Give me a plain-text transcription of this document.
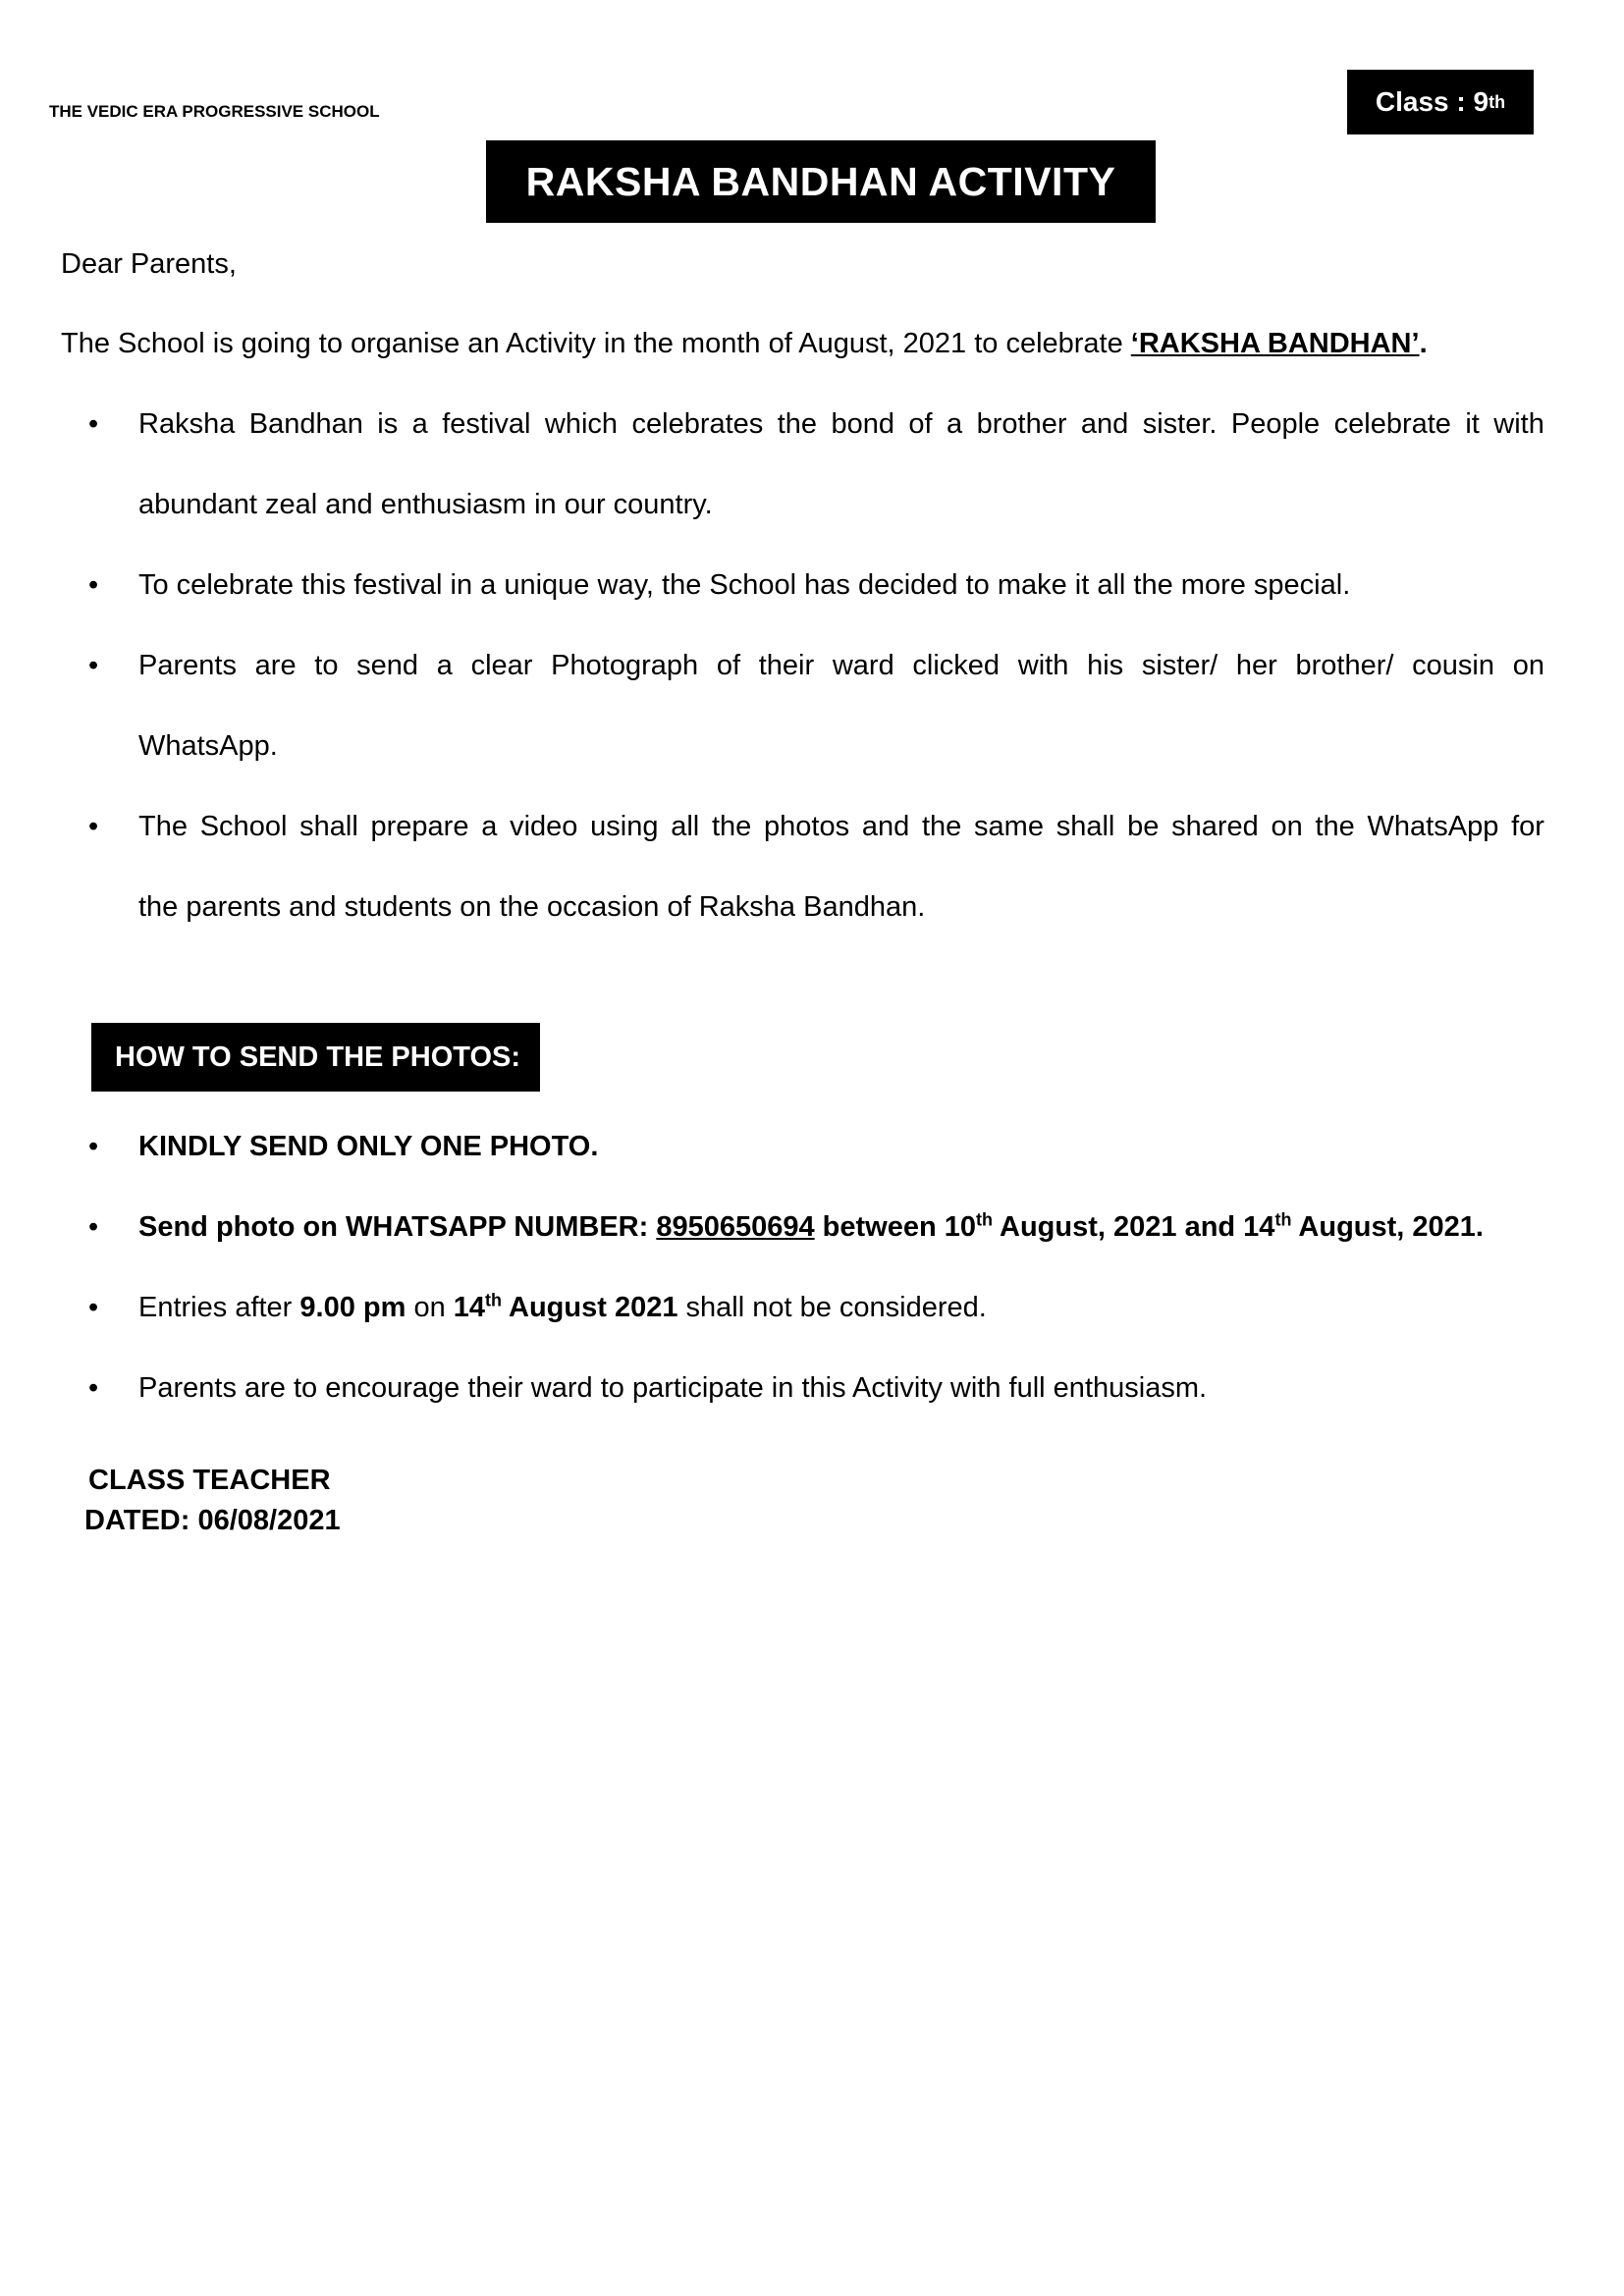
THE VEDIC ERA PROGRESSIVE SCHOOL	Class : 9 th
RAKSHA BANDHAN ACTIVITY
Dear Parents,
The School is going to organise an Activity in the month of August, 2021 to celebrate ‘RAKSHA BANDHAN’.
• Raksha Bandhan is a festival which celebrates the bond of a brother and sister. People celebrate it with
abundant zeal and enthusiasm in our country.
• To celebrate this festival in a unique way, the School has decided to make it all the more special.
• Parents are to send a clear Photograph of their ward clicked with his sister/ her brother/ cousin on
WhatsApp.
• The School shall prepare a video using all the photos and the same shall be shared on the WhatsApp for
the parents and students on the occasion of Raksha Bandhan.
HOW TO SEND THE PHOTOS:
• KINDLY SEND ONLY ONE PHOTO.
• Send photo on WHATSAPP NUMBER: 8950650694 between 10th August, 2021 and 14th August, 2021.
• Entries after 9.00 pm on 14th August 2021 shall not be considered.
• Parents are to encourage their ward to participate in this Activity with full enthusiasm.
CLASS TEACHER
DATED: 06/08/2021
